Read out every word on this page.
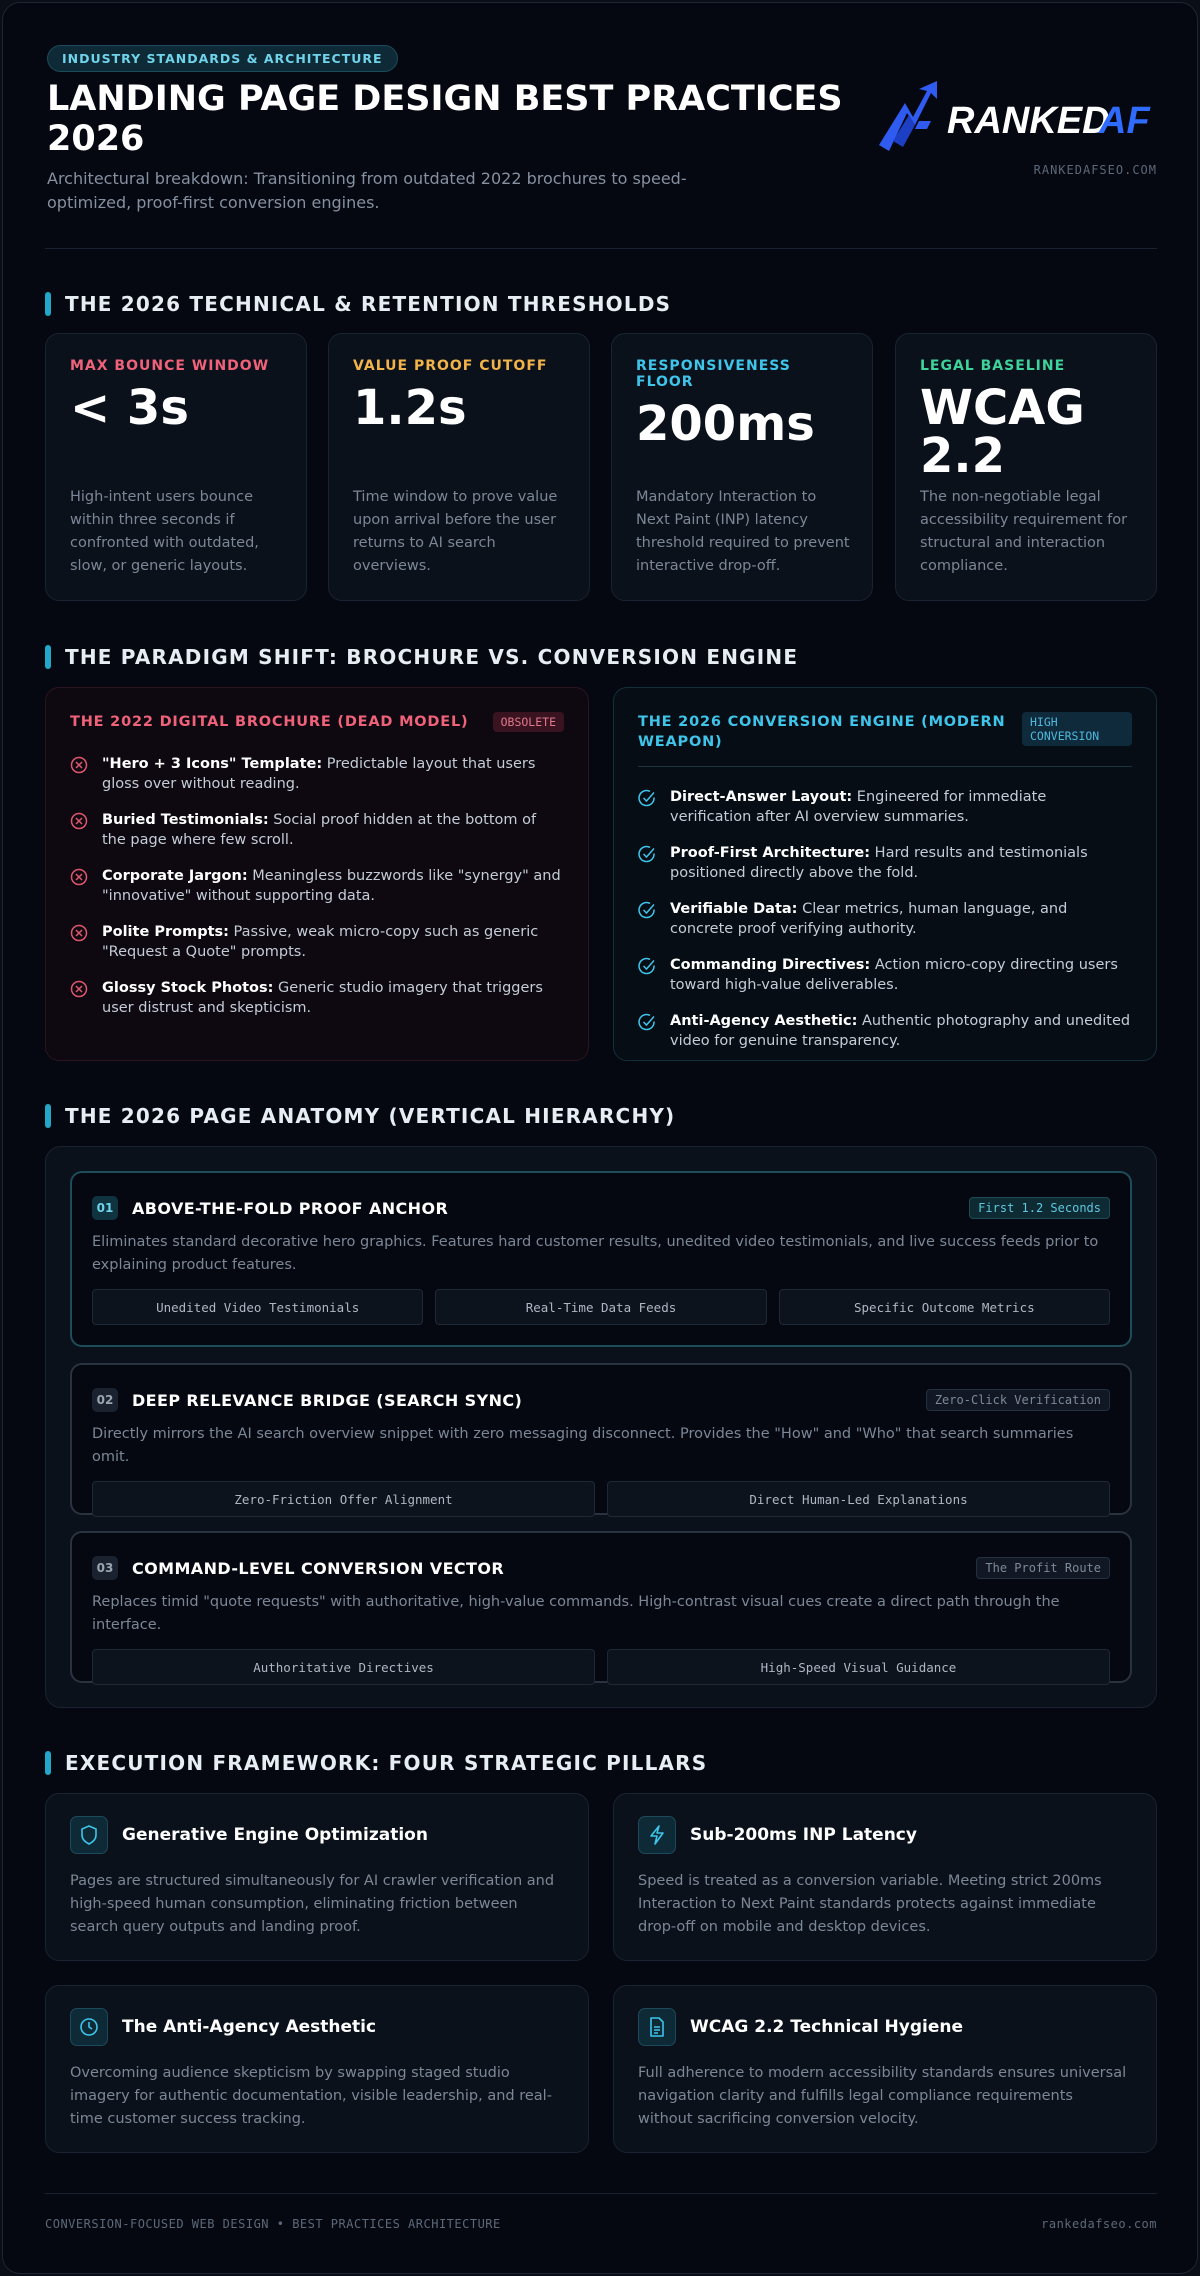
INDUSTRY STANDARDS & ARCHITECTURE
LANDING PAGE DESIGN BEST PRACTICES 2026
Architectural breakdown: Transitioning from outdated 2022 brochures to speed-optimized, proof-first conversion engines.
RANKED
AF
RANKEDAFSEO.COM
THE 2026 TECHNICAL & RETENTION THRESHOLDS
MAX BOUNCE WINDOW
< 3s
High-intent users bounce within three seconds if confronted with outdated, slow, or generic layouts.
VALUE PROOF CUTOFF
1.2s
Time window to prove value upon arrival before the user returns to AI search overviews.
RESPONSIVENESS FLOOR
200ms
Mandatory Interaction to Next Paint (INP) latency threshold required to prevent interactive drop-off.
LEGAL BASELINE
WCAG 2.2
The non-negotiable legal accessibility requirement for structural and interaction compliance.
THE PARADIGM SHIFT: BROCHURE VS. CONVERSION ENGINE
THE 2022 DIGITAL BROCHURE (DEAD MODEL)	OBSOLETE
"Hero + 3 Icons" Template: Predictable layout that users gloss over without reading.
Buried Testimonials: Social proof hidden at the bottom of the page where few scroll.
Corporate Jargon: Meaningless buzzwords like "synergy" and "innovative" without supporting data.
Polite Prompts: Passive, weak micro-copy such as generic "Request a Quote" prompts.
Glossy Stock Photos: Generic studio imagery that triggers user distrust and skepticism.
THE 2026 CONVERSION ENGINE (MODERN WEAPON)
HIGH CONVERSION
Direct-Answer Layout: Engineered for immediate verification after AI overview summaries.
Proof-First Architecture: Hard results and testimonials positioned directly above the fold.
Verifiable Data: Clear metrics, human language, and concrete proof verifying authority.
Commanding Directives: Action micro-copy directing users toward high-value deliverables.
Anti-Agency Aesthetic: Authentic photography and unedited video for genuine transparency.
THE 2026 PAGE ANATOMY (VERTICAL HIERARCHY)
01 ABOVE-THE-FOLD PROOF ANCHOR	First 1.2 Seconds
Eliminates standard decorative hero graphics. Features hard customer results, unedited video testimonials, and live success feeds prior to explaining product features.
Unedited Video Testimonials	Real-Time Data Feeds	Specific Outcome Metrics
02 DEEP RELEVANCE BRIDGE (SEARCH SYNC)	Zero-Click Verification
Directly mirrors the AI search overview snippet with zero messaging disconnect. Provides the "How" and "Who" that search summaries omit.
Zero-Friction Offer Alignment	Direct Human-Led Explanations
03 COMMAND-LEVEL CONVERSION VECTOR	The Profit Route
Replaces timid "quote requests" with authoritative, high-value commands. High-contrast visual cues create a direct path through the interface.
Authoritative Directives	High-Speed Visual Guidance
EXECUTION FRAMEWORK: FOUR STRATEGIC PILLARS
Generative Engine Optimization
Pages are structured simultaneously for AI crawler verification and high-speed human consumption, eliminating friction between search query outputs and landing proof.
Sub-200ms INP Latency
Speed is treated as a conversion variable. Meeting strict 200ms Interaction to Next Paint standards protects against immediate drop-off on mobile and desktop devices.
The Anti-Agency Aesthetic
Overcoming audience skepticism by swapping staged studio imagery for authentic documentation, visible leadership, and real-time customer success tracking.
WCAG 2.2 Technical Hygiene
Full adherence to modern accessibility standards ensures universal navigation clarity and fulfills legal compliance requirements without sacrificing conversion velocity.
CONVERSION-FOCUSED WEB DESIGN • BEST PRACTICES ARCHITECTURE	rankedafseo.com
